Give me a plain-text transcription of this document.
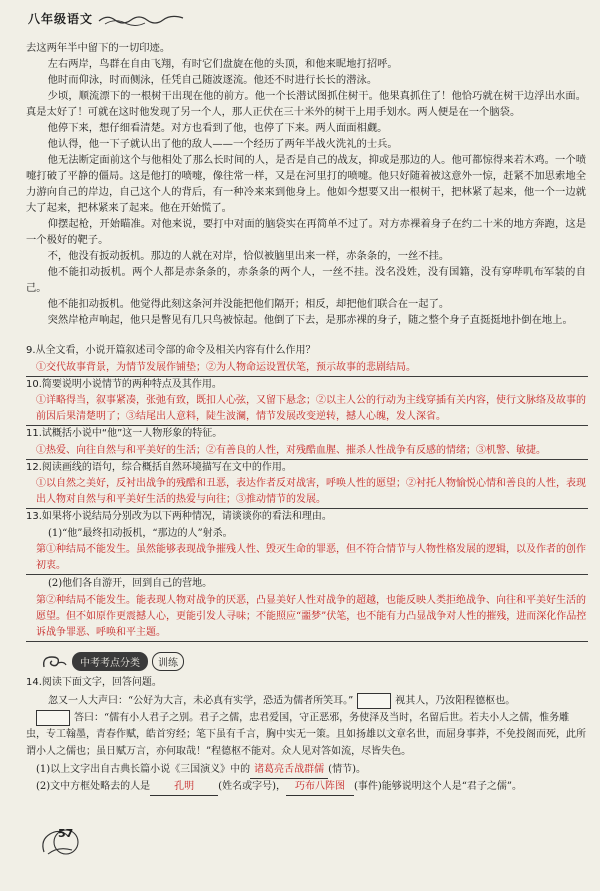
八年级语文

去这两年半中留下的一切印迹。

左右两岸，鸟群在自由飞翔，有时它们盘旋在他的头顶，和他来昵地打招呼。

他时而仰泳，时而侧泳，任凭自己随波逐流。他还不时进行长长的潜泳。

少顷，顺流漂下的一根树干出现在他的前方。他一个长潜试图抓住树干。他果真抓住了！他恰巧就在树干边浮出水面。真是太好了！可就在这时他发现了另一个人，那人正伏在三十米外的树干上用手划水。两人便是在一个脑袋。

他停下来，想仔细看清楚。对方也看到了他，也停了下来。两人面面相觑。

他认得，他一下子就认出了他的敌人——一个经历了两年半战火洗礼的士兵。

他无法断定面前这个与他相处了那么长时间的人，是否是自己的战友，抑或是那边的人。他可都惊得来若木鸡。一个喷嚏打破了平静的僵局。这是他打的喷嚏，像往常一样，又是在河里打的喷嚏。他只好随着被这意外一惊，赶紧不加思索地全力游向自己的岸边，自己这个人的背后，有一种冷来来到他身上。他如今想要又出一根树干，把林紧了起来，他一个一边就大了起来，把林紧来了起来。他在开始慌了。

仰摆起枪，开始瞄准。对他来说，要打中对面的脑袋实在再简单不过了。对方赤裸着身子在约二十米的地方奔跑，这是一个极好的靶子。

不，他没有扳动扳机。那边的人就在对岸，恰似被脑里出来一样，赤条条的，一丝不挂。

他不能扣动扳机。两个人都是赤条条的，赤条条的两个人，一丝不挂。没名没姓，没有国籍，没有穿哔叽布军装的自己。

他不能扣动扳机。他觉得此刻这条河并没能把他们隔开；相反，却把他们联合在一起了。

突然岸枪声响起，他只是瞥见有几只鸟被惊起。他倒了下去，是那赤裸的身子，随之整个身子直挺挺地扑倒在地上。

9.从全文看，小说开篇叙述司令部的命令及相关内容有什么作用？

①交代故事背景，为情节发展作铺垫；②为人物命运设置伏笔，预示故事的悲剧结局。

10.简要说明小说情节的两种特点及其作用。

①详略得当，叙事紧凑，张弛有致，既扣人心弦，又留下悬念；②以主人公的行动为主线穿插有关内容，使行文脉络及故事的前因后果清楚明了；③结尾出人意料，陡生波澜，情节发展改变逆转，撼人心魄，发人深省。

11.试概括小说中“他”这一人物形象的特征。

①热爱、向往自然与和平美好的生活；②有善良的人性，对残酷血腥、摧杀人性战争有反感的情绪；③机警、敏捷。

12.阅读画线的语句，综合概括自然环境描写在文中的作用。

①以自然之美好，反衬出战争的残酷和丑恶，表达作者反对战害，呼唤人性的愿望；②衬托人物愉悦心情和善良的人性，表现出人物对自然与和平美好生活的热爱与向往；③推动情节的发展。

13.如果将小说结局分别改为以下两种情况，请谈谈你的看法和理由。

(1)“他”最终扣动扳机，“那边的人”射杀。

第①种结局不能发生。虽然能够表现战争摧残人性、毁灭生命的罪恶，但不符合情节与人物性格发展的逻辑，以及作者的创作初衷。

(2)他们各自游开，回到自己的营地。

第②种结局不能发生。能表现人物对战争的厌恶，凸显美好人性对战争的超越，也能反映人类拒绝战争、向往和平美好生活的愿望。但不如原作更震撼人心，更能引发人寻味；不能照应“噩梦”伏笔，也不能有力凸显战争对人性的摧残，进而深化作品控诉战争罪恶、呼唤和平主题。

中考考点分类	训练

14.阅读下面文字，回答问题。

忽又一人大声曰：“公好为大言，未必真有实学，恐适为儒者所笑耳。”	视其人，乃汝阳程德枢也。

答曰：“儒有小人君子之别。君子之儒，忠君爱国，守正恶邪，务使泽及当时，名留后世。若夫小人之儒，惟务雕虫，专工翰墨，青春作赋，皓首穷经；笔下虽有千言，胸中实无一策。且如扬雄以文章名世，而屈身事莽，不免投阁而死，此所谓小人之儒也；虽日赋万言，亦何取哉！”程德枢不能对。众人见对答如流，尽皆失色。

(1)以上文字出自古典长篇小说《三国演义》中的 诸葛亮舌战群儒 (情节)。

(2)文中方框处略去的人是 孔明 (姓名或字号)， 巧布八阵图 (事件)能够说明这个人是“君子之儒”。

57
